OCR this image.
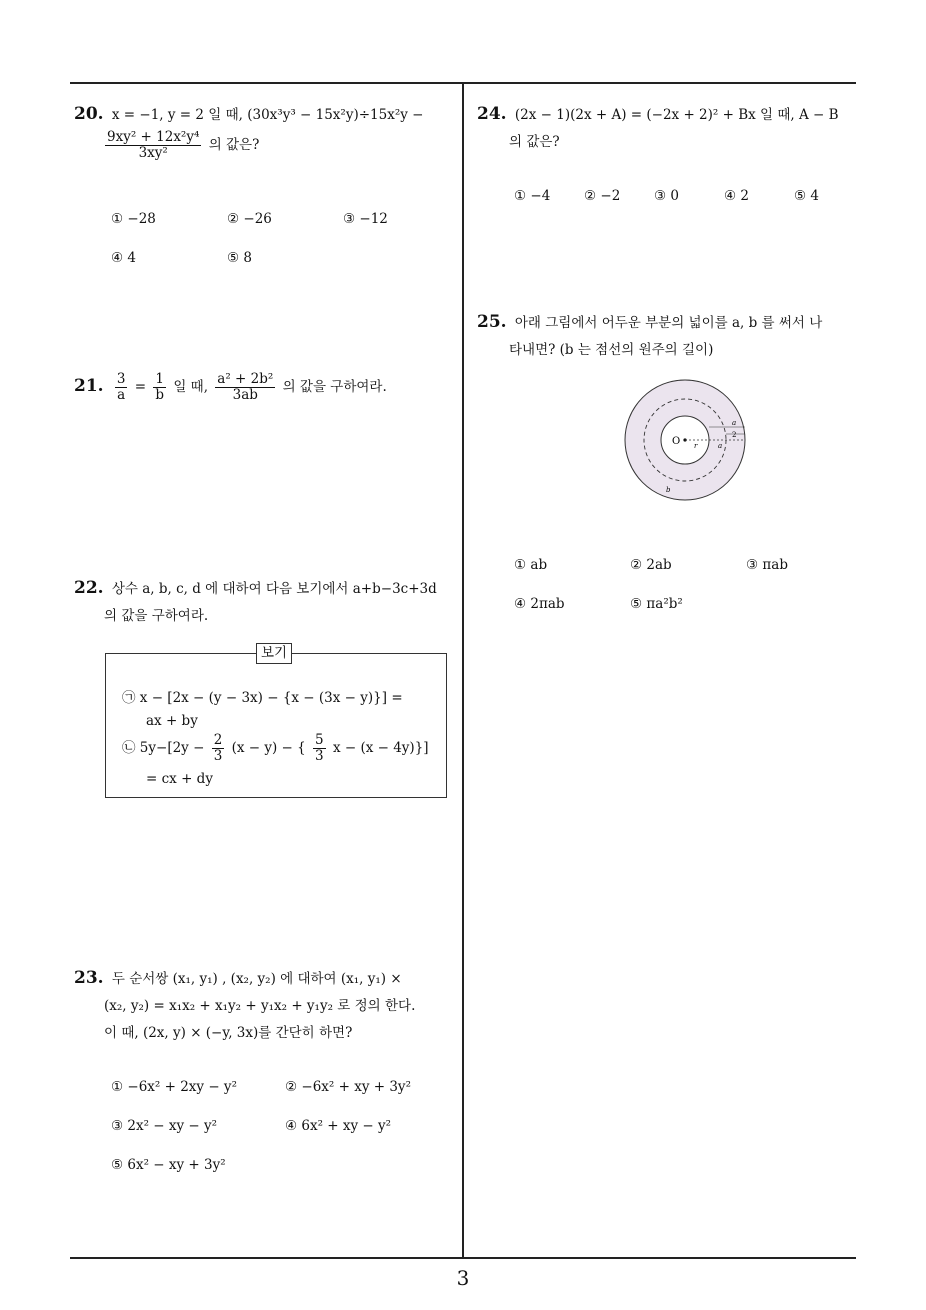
20. x = −1, y = 2 일 때, (30x³y³ − 15x²y)÷15x²y −
$\frac{\text{9xy² + 12x²y⁴}}{\text{3xy²}}$ 의 값은?
① −28	② −26	③ −12
④ 4	⑤ 8
21. $\frac{3}{a} = \frac{1}{b}$ 일 때, $\frac{\text{a² + 2b²}}{3ab}$ 의 값을 구하여라.
22. 상수 a, b, c, d 에 대하여 다음 보기에서 a+b−3c+3d
의 값을 구하여라.
보기
㉠ x − [2x − (y − 3x) − {x − (3x − y)}] =
ax + by
㉡ $5y-[2y - \frac{2}{3} (x - y)$ − { $\frac{5}{3}$ x − (x − 4y)}]
= cx + dy
23. 두 순서쌍 (x₁, y₁) , (x₂, y₂) 에 대하여 (x₁, y₁) ×
(x₂, y₂) = x₁x₂ + x₁y₂ + y₁x₂ + y₁y₂ 로 정의 한다.
이 때, (2x, y) × (−y, 3x)를 간단히 하면?
① −6x² + 2xy − y²	② −6x² + xy + 3y²
③ 2x² − xy − y²	④ 6x² + xy − y²
⑤ 6x² − xy + 3y²
24. (2x − 1)(2x + A) = (−2x + 2)² + Bx 일 때, A − B
의 값은?
① −4 ② −2 ③ 0	④ 2	⑤ 4
25. 아래 그림에서 어두운 부분의 넓이를 a, b 를 써서 나
타내면? (b 는 점선의 원주의 길이)
O r
a
2
a
b
① ab	② 2ab	③ πab
④ 2πab	⑤ πa²b²
3
